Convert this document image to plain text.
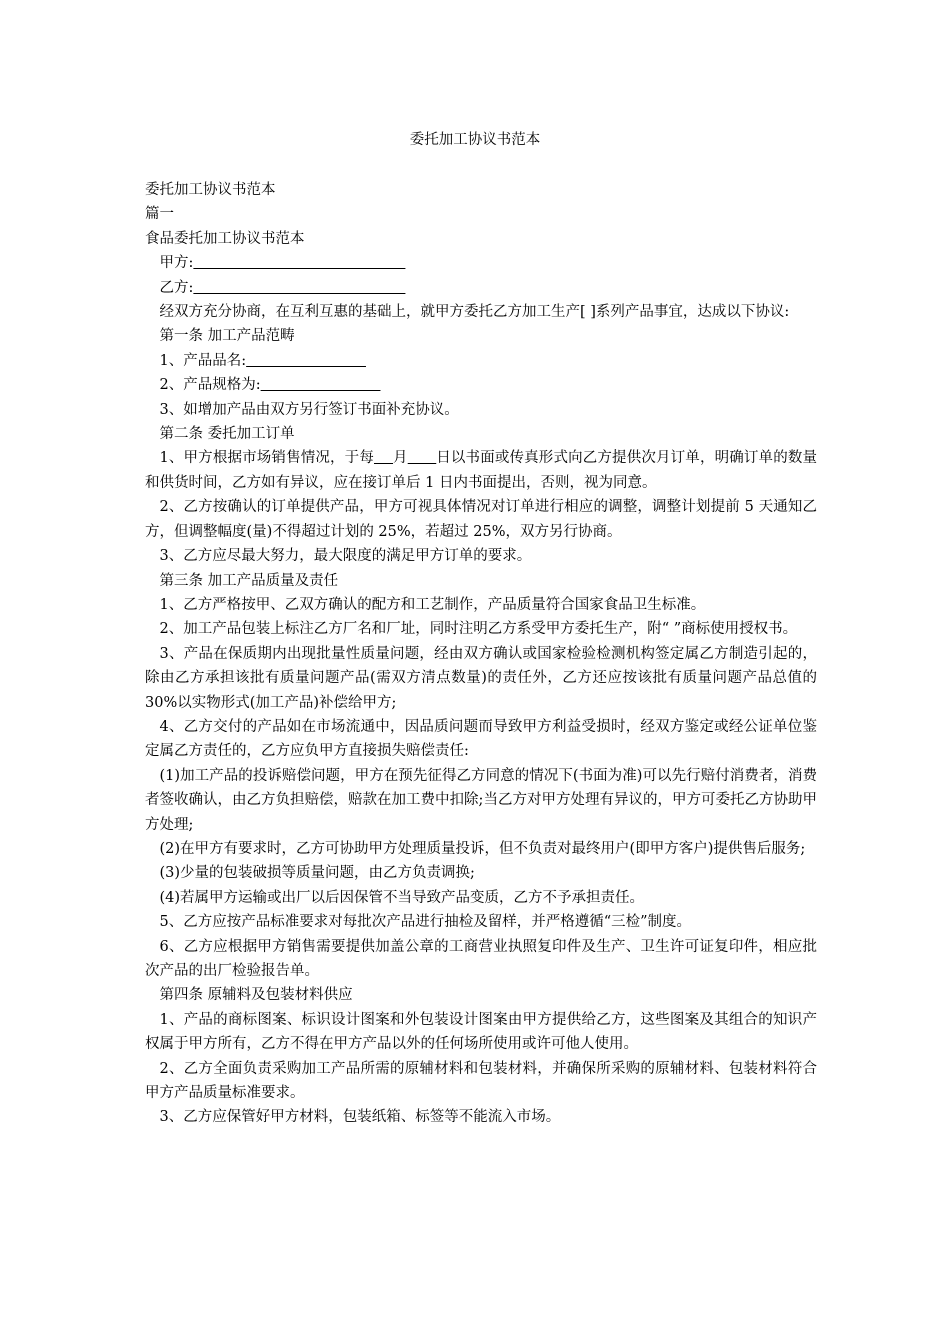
委托加工协议书范本

委托加工协议书范本

篇一

食品委托加工协议书范本

甲方:

乙方:

经双方充分协商，在互利互惠的基础上，就甲方委托乙方加工生产[ ]系列产品事宜，达成以下协议:

第一条 加工产品范畴

1、产品品名:

2、产品规格为:

3、如增加产品由双方另行签订书面补充协议。

第二条 委托加工订单

1、甲方根据市场销售情况，于每 月 日以书面或传真形式向乙方提供次月订单，明确订单的数量和供货时间，乙方如有异议，应在接订单后 1 日内书面提出，否则，视为同意。

2、乙方按确认的订单提供产品，甲方可视具体情况对订单进行相应的调整，调整计划提前 5 天通知乙方，但调整幅度(量)不得超过计划的 25%，若超过 25%，双方另行协商。

3、乙方应尽最大努力，最大限度的满足甲方订单的要求。

第三条 加工产品质量及责任

1、乙方严格按甲、乙双方确认的配方和工艺制作，产品质量符合国家食品卫生标准。

2、加工产品包装上标注乙方厂名和厂址，同时注明乙方系受甲方委托生产，附“ ”商标使用授权书。

3、产品在保质期内出现批量性质量问题，经由双方确认或国家检验检测机构签定属乙方制造引起的，除由乙方承担该批有质量问题产品(需双方清点数量)的责任外，乙方还应按该批有质量问题产品总值的 30%以实物形式(加工产品)补偿给甲方;

4、乙方交付的产品如在市场流通中，因品质问题而导致甲方利益受损时，经双方鉴定或经公证单位鉴定属乙方责任的，乙方应负甲方直接损失赔偿责任:

(1)加工产品的投诉赔偿问题，甲方在预先征得乙方同意的情况下(书面为准)可以先行赔付消费者，消费者签收确认，由乙方负担赔偿，赔款在加工费中扣除;当乙方对甲方处理有异议的，甲方可委托乙方协助甲方处理;

(2)在甲方有要求时，乙方可协助甲方处理质量投诉，但不负责对最终用户(即甲方客户)提供售后服务;

(3)少量的包装破损等质量问题，由乙方负责调换;

(4)若属甲方运输或出厂以后因保管不当导致产品变质，乙方不予承担责任。

5、乙方应按产品标准要求对每批次产品进行抽检及留样，并严格遵循“三检”制度。

6、乙方应根据甲方销售需要提供加盖公章的工商营业执照复印件及生产、卫生许可证复印件，相应批次产品的出厂检验报告单。

第四条 原辅料及包装材料供应

1、产品的商标图案、标识设计图案和外包装设计图案由甲方提供给乙方，这些图案及其组合的知识产权属于甲方所有，乙方不得在甲方产品以外的任何场所使用或许可他人使用。

2、乙方全面负责采购加工产品所需的原辅材料和包装材料，并确保所采购的原辅材料、包装材料符合甲方产品质量标准要求。

3、乙方应保管好甲方材料，包装纸箱、标签等不能流入市场。
